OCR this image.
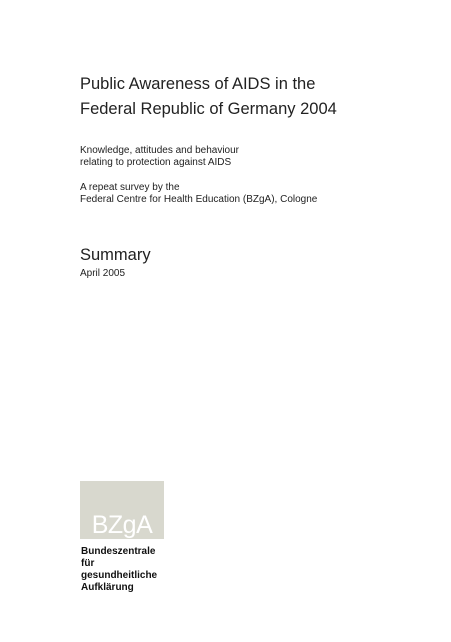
Public Awareness of AIDS in the
Federal Republic of Germany 2004
Knowledge, attitudes and behaviour
relating to protection against AIDS
A repeat survey by the
Federal Centre for Health Education (BZgA), Cologne
Summary
April 2005
BZgA
Bundeszentrale
für
gesundheitliche
Aufklärung
